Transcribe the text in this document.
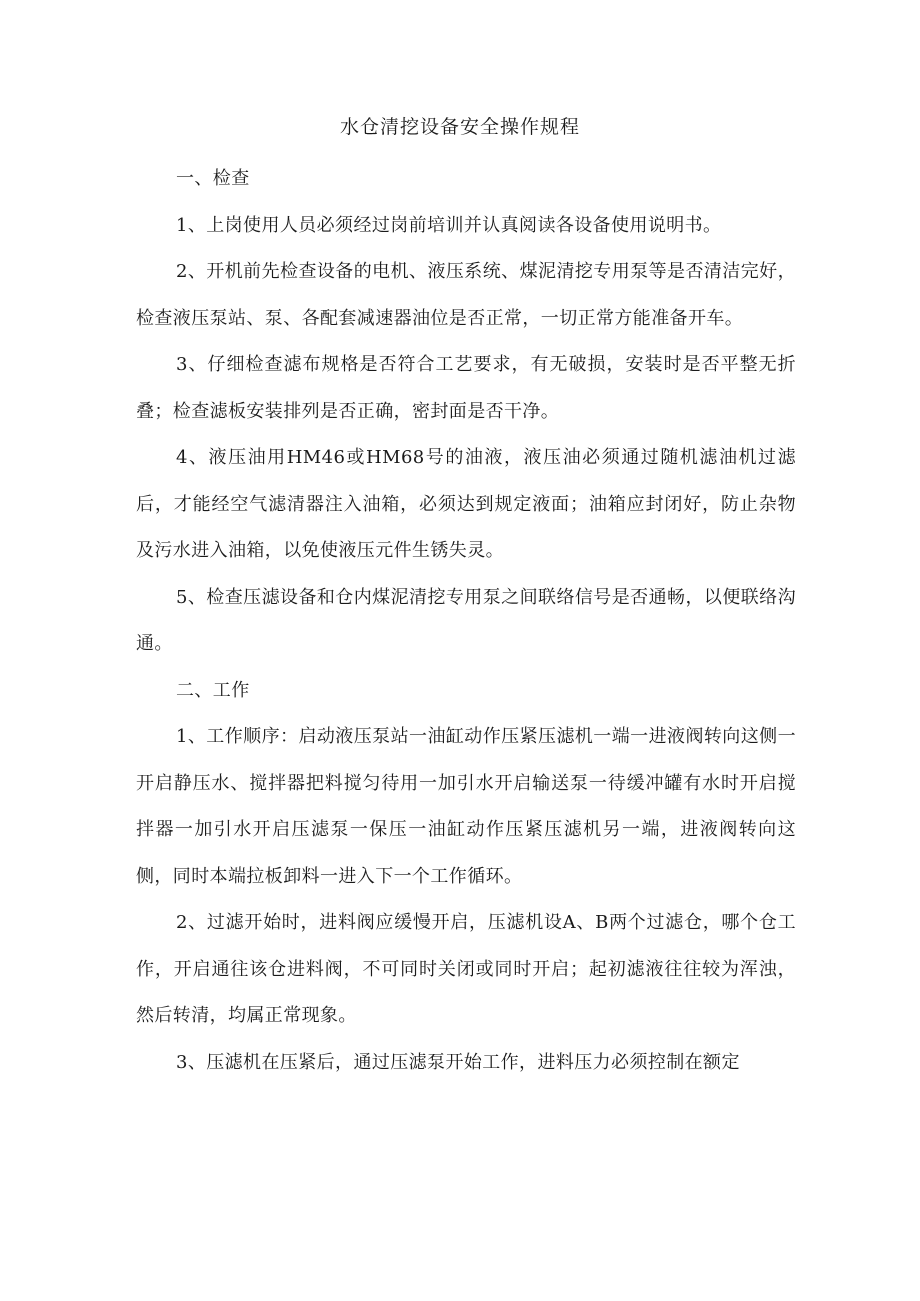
水仓清挖设备安全操作规程

一、检查

1、上岗使用人员必须经过岗前培训并认真阅读各设备使用说明书。

2、开机前先检查设备的电机、液压系统、煤泥清挖专用泵等是否清洁完好，检查液压泵站、泵、各配套减速器油位是否正常，一切正常方能准备开车。

3、仔细检查滤布规格是否符合工艺要求，有无破损，安装时是否平整无折叠；检查滤板安装排列是否正确，密封面是否干净。

4、液压油用HM46或HM68号的油液，液压油必须通过随机滤油机过滤后，才能经空气滤清器注入油箱，必须达到规定液面；油箱应封闭好，防止杂物及污水进入油箱，以免使液压元件生锈失灵。

5、检查压滤设备和仓内煤泥清挖专用泵之间联络信号是否通畅，以便联络沟通。

二、工作

1、工作顺序：启动液压泵站一油缸动作压紧压滤机一端一进液阀转向这侧一开启静压水、搅拌器把料搅匀待用一加引水开启输送泵一待缓冲罐有水时开启搅拌器一加引水开启压滤泵一保压一油缸动作压紧压滤机另一端，进液阀转向这侧，同时本端拉板卸料一进入下一个工作循环。

2、过滤开始时，进料阀应缓慢开启，压滤机设A、B两个过滤仓，哪个仓工作，开启通往该仓进料阀，不可同时关闭或同时开启；起初滤液往往较为浑浊，然后转清，均属正常现象。

3、压滤机在压紧后，通过压滤泵开始工作，进料压力必须控制在额定
